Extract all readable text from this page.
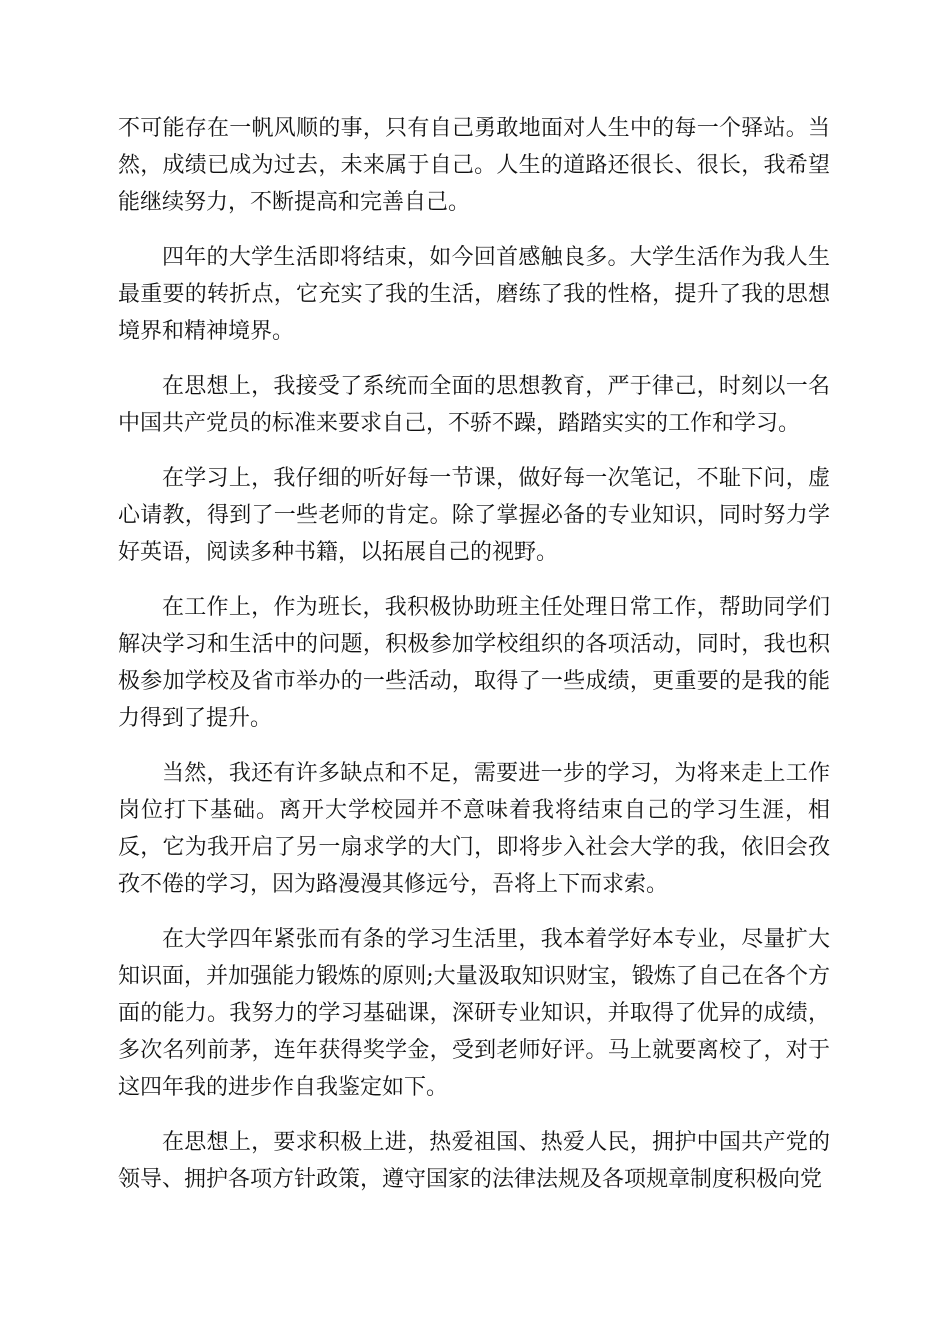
不可能存在一帆风顺的事，只有自己勇敢地面对人生中的每一个驿站。当然，成绩已成为过去，未来属于自己。人生的道路还很长、很长，我希望能继续努力，不断提高和完善自己。

四年的大学生活即将结束，如今回首感触良多。大学生活作为我人生最重要的转折点，它充实了我的生活，磨练了我的性格，提升了我的思想境界和精神境界。

在思想上，我接受了系统而全面的思想教育，严于律己，时刻以一名中国共产党员的标准来要求自己，不骄不躁，踏踏实实的工作和学习。

在学习上，我仔细的听好每一节课，做好每一次笔记，不耻下问，虚心请教，得到了一些老师的肯定。除了掌握必备的专业知识，同时努力学好英语，阅读多种书籍，以拓展自己的视野。

在工作上，作为班长，我积极协助班主任处理日常工作，帮助同学们解决学习和生活中的问题，积极参加学校组织的各项活动，同时，我也积极参加学校及省市举办的一些活动，取得了一些成绩，更重要的是我的能力得到了提升。

当然，我还有许多缺点和不足，需要进一步的学习，为将来走上工作岗位打下基础。离开大学校园并不意味着我将结束自己的学习生涯，相反，它为我开启了另一扇求学的大门，即将步入社会大学的我，依旧会孜孜不倦的学习，因为路漫漫其修远兮，吾将上下而求索。

在大学四年紧张而有条的学习生活里，我本着学好本专业，尽量扩大知识面，并加强能力锻炼的原则;大量汲取知识财宝，锻炼了自己在各个方面的能力。我努力的学习基础课，深研专业知识，并取得了优异的成绩，多次名列前茅，连年获得奖学金，受到老师好评。马上就要离校了，对于这四年我的进步作自我鉴定如下。

在思想上，要求积极上进，热爱祖国、热爱人民，拥护中国共产党的领导、拥护各项方针政策，遵守国家的法律法规及各项规章制度积极向党
